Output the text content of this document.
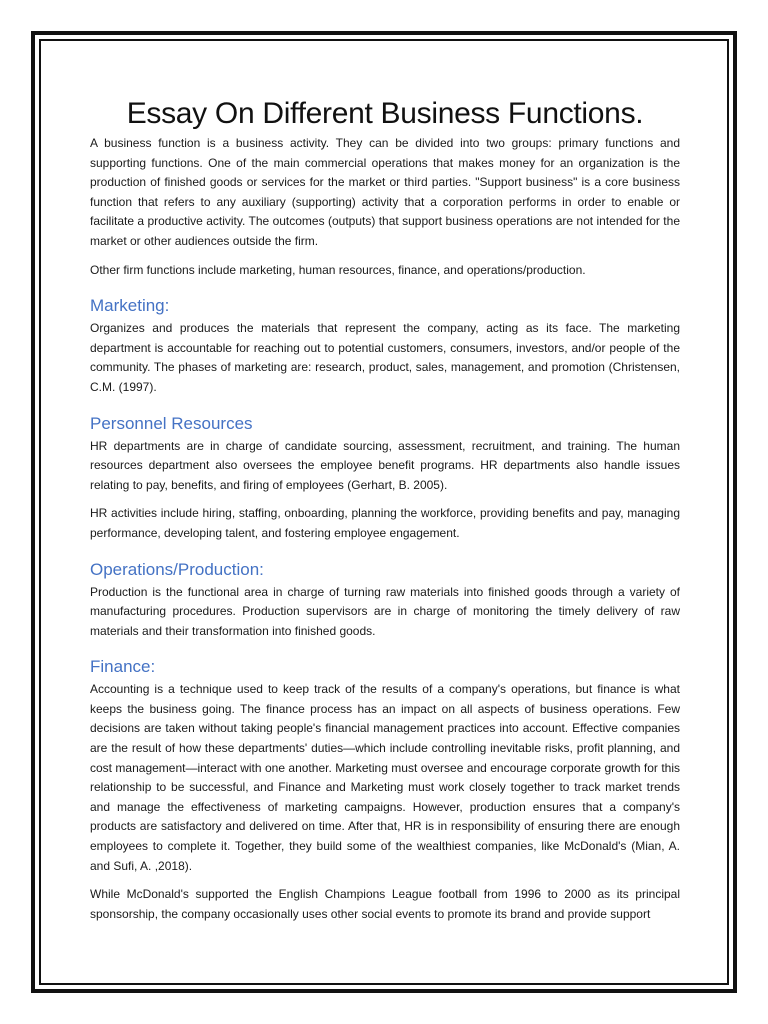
Essay On Different Business Functions.

A business function is a business activity. They can be divided into two groups: primary functions and supporting functions. One of the main commercial operations that makes money for an organization is the production of finished goods or services for the market or third parties. "Support business" is a core business function that refers to any auxiliary (supporting) activity that a corporation performs in order to enable or facilitate a productive activity. The outcomes (outputs) that support business operations are not intended for the market or other audiences outside the firm.

Other firm functions include marketing, human resources, finance, and operations/production.

Marketing:

Organizes and produces the materials that represent the company, acting as its face. The marketing department is accountable for reaching out to potential customers, consumers, investors, and/or people of the community. The phases of marketing are: research, product, sales, management, and promotion (Christensen, C.M. (1997).

Personnel Resources

HR departments are in charge of candidate sourcing, assessment, recruitment, and training. The human resources department also oversees the employee benefit programs. HR departments also handle issues relating to pay, benefits, and firing of employees (Gerhart, B. 2005).

HR activities include hiring, staffing, onboarding, planning the workforce, providing benefits and pay, managing performance, developing talent, and fostering employee engagement.

Operations/Production:

Production is the functional area in charge of turning raw materials into finished goods through a variety of manufacturing procedures. Production supervisors are in charge of monitoring the timely delivery of raw materials and their transformation into finished goods.

Finance:

Accounting is a technique used to keep track of the results of a company's operations, but finance is what keeps the business going. The finance process has an impact on all aspects of business operations. Few decisions are taken without taking people's financial management practices into account. Effective companies are the result of how these departments' duties—which include controlling inevitable risks, profit planning, and cost management—interact with one another. Marketing must oversee and encourage corporate growth for this relationship to be successful, and Finance and Marketing must work closely together to track market trends and manage the effectiveness of marketing campaigns. However, production ensures that a company's products are satisfactory and delivered on time. After that, HR is in responsibility of ensuring there are enough employees to complete it. Together, they build some of the wealthiest companies, like McDonald's (Mian, A. and Sufi, A. ,2018).

While McDonald's supported the English Champions League football from 1996 to 2000 as its principal sponsorship, the company occasionally uses other social events to promote its brand and provide support
